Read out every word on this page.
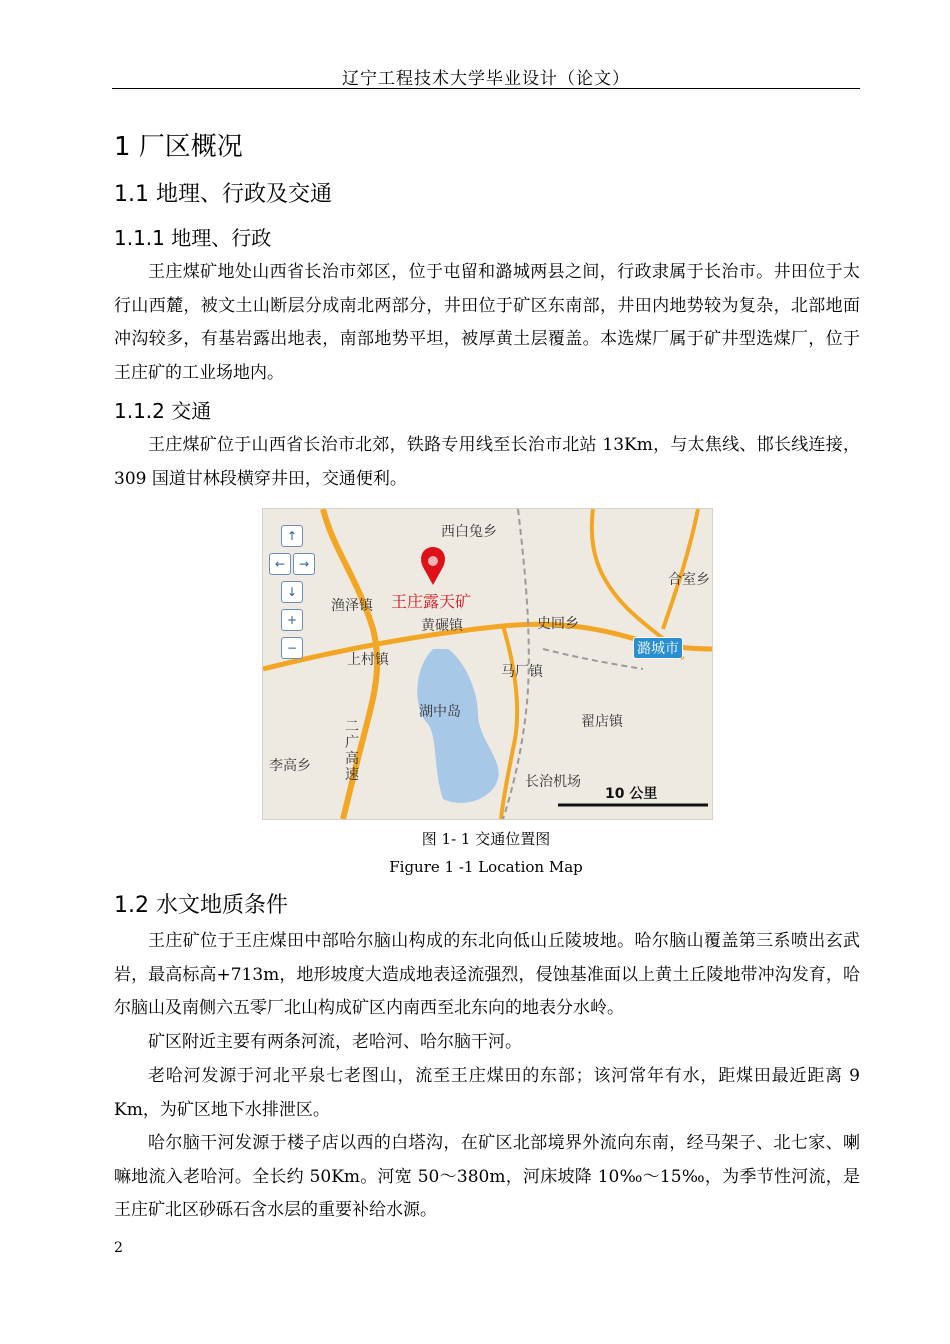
辽宁工程技术大学毕业设计（论文）
1 厂区概况
1.1 地理、行政及交通
1.1.1 地理、行政

王庄煤矿地处山西省长治市郊区，位于屯留和潞城两县之间，行政隶属于长治市。井田位于太行山西麓，被文土山断层分成南北两部分，井田位于矿区东南部，井田内地势较为复杂，北部地面冲沟较多，有基岩露出地表，南部地势平坦，被厚黄土层覆盖。本选煤厂属于矿井型选煤厂，位于王庄矿的工业场地内。

1.1.2 交通

王庄煤矿位于山西省长治市北郊，铁路专用线至长治市北站 13Km，与太焦线、邯长线连接，309 国道甘林段横穿井田，交通便利。

↑
←	→
↓
+
−
西白兔乡
王庄露天矿
合室乡
渔泽镇
黄碾镇	史回乡
潞城市
上村镇
马厂镇
湖中岛
翟店镇
李高乡
二广高速	长治机场
10 公里
图 1- 1 交通位置图
Figure 1 -1 Location Map
1.2 水文地质条件

王庄矿位于王庄煤田中部哈尔脑山构成的东北向低山丘陵坡地。哈尔脑山覆盖第三系喷出玄武岩，最高标高+713m，地形坡度大造成地表迳流强烈，侵蚀基准面以上黄土丘陵地带冲沟发育，哈尔脑山及南侧六五零厂北山构成矿区内南西至北东向的地表分水岭。

矿区附近主要有两条河流，老哈河、哈尔脑干河。

老哈河发源于河北平泉七老图山，流至王庄煤田的东部；该河常年有水，距煤田最近距离 9 Km，为矿区地下水排泄区。

哈尔脑干河发源于楼子店以西的白塔沟，在矿区北部境界外流向东南，经马架子、北七家、喇嘛地流入老哈河。全长约 50Km。河宽 50～380m，河床坡降 10‰～15‰，为季节性河流，是王庄矿北区砂砾石含水层的重要补给水源。

2
